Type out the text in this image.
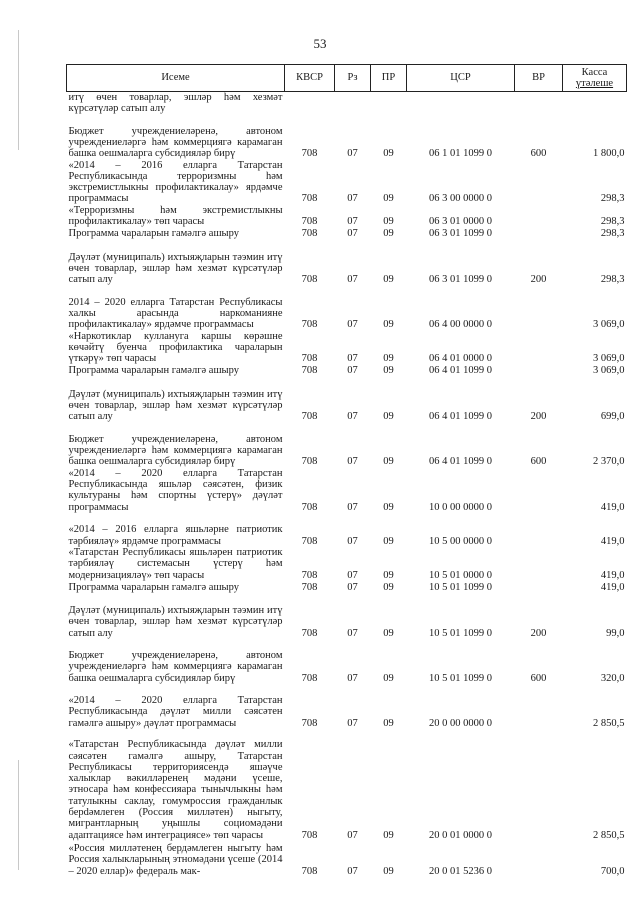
53
Исеме	КВСР	Рз	ПР	ЦСР	ВР	Касса
үтәлеше

итү өчен товарлар, эшләр һәм хезмәт күрсәтүләр сатып алу						
Бюджет учреждениеләренә, автоном учреждениеләргә һәм коммерциягә карамаган башка оешмаларга субсидияләр бирү	708	07	09	06 1 01 1099 0	600	1 800,0
«2014 – 2016 елларга Татарстан Республикасында терроризмны һәм экстремистлыкны профилактикалау» ярдәмче программасы	708	07	09	06 3 00 0000 0		298,3
«Терроризмны һәм экстремистлыкны профилактикалау» төп чарасы	708	07	09	06 3 01 0000 0		298,3
Программа чараларын гамәлгә ашыру	708	07	09	06 3 01 1099 0		298,3
Дәүләт (муниципаль) ихтыяҗларын тәэмин итү өчен товарлар, эшләр һәм хезмәт күрсәтүләр сатып алу	708	07	09	06 3 01 1099 0	200	298,3
2014 – 2020 елларга Татарстан Республикасы халкы арасында наркоманияне профилактикалау» ярдәмче программасы	708	07	09	06 4 00 0000 0		3 069,0
«Наркотиклар куллануга каршы көрәшне көчәйтү буенча профилактика чараларын үткәрү» төп чарасы	708	07	09	06 4 01 0000 0		3 069,0
Программа чараларын гамәлгә ашыру	708	07	09	06 4 01 1099 0		3 069,0
Дәүләт (муниципаль) ихтыяҗларын тәэмин итү өчен товарлар, эшләр һәм хезмәт күрсәтүләр сатып алу	708	07	09	06 4 01 1099 0	200	699,0
Бюджет учреждениеләренә, автоном учреждениеләргә һәм коммерциягә карамаган башка оешмаларга субсидияләр бирү	708	07	09	06 4 01 1099 0	600	2 370,0
«2014 – 2020 елларга Татарстан Республикасында яшьләр сәясәтен, физик культураны һәм спортны үстерү» дәүләт программасы	708	07	09	10 0 00 0000 0		419,0
«2014 – 2016 елларга яшьләрне патриотик тәрбияләү» ярдәмче программасы	708	07	09	10 5 00 0000 0		419,0
«Татарстан Республикасы яшьләрен патриотик тәрбияләү системасын үстерү һәм модернизацияләү» төп чарасы	708	07	09	10 5 01 0000 0		419,0
Программа чараларын гамәлгә ашыру	708	07	09	10 5 01 1099 0		419,0
Дәүләт (муниципаль) ихтыяҗларын тәэмин итү өчен товарлар, эшләр һәм хезмәт күрсәтүләр сатып алу	708	07	09	10 5 01 1099 0	200	99,0
Бюджет учреждениеләренә, автоном учреждениеләргә һәм коммерциягә карамаган башка оешмаларга субсидияләр бирү	708	07	09	10 5 01 1099 0	600	320,0
«2014 – 2020 елларга Татарстан Республикасында дәүләт милли сәясәтен гамәлгә ашыру» дәүләт программасы	708	07	09	20 0 00 0000 0		2 850,5
«Татарстан Республикасында дәүләт милли сәясәтен гамәлгә ашыру, Татарстан Республикасы территориясендә яшәүче халыклар вәкилләренең мәдәни үсеше, этносара һәм конфессияара тынычлыкны һәм татулыкны саклау, гомумроссия гражданлык берdәмлеген (Россия милләтен) ныгыту, мигрантларның уңышлы социомәдәни адаптациясе һәм интеграциясе» төп чарасы	708	07	09	20 0 01 0000 0		2 850,5
«Россия милләтенең бердәмлеген ныгыту һәм Россия халыкларының этномәдәни үсеше (2014 – 2020 еллар)» федераль мак-	708	07	09	20 0 01 5236 0		700,0
